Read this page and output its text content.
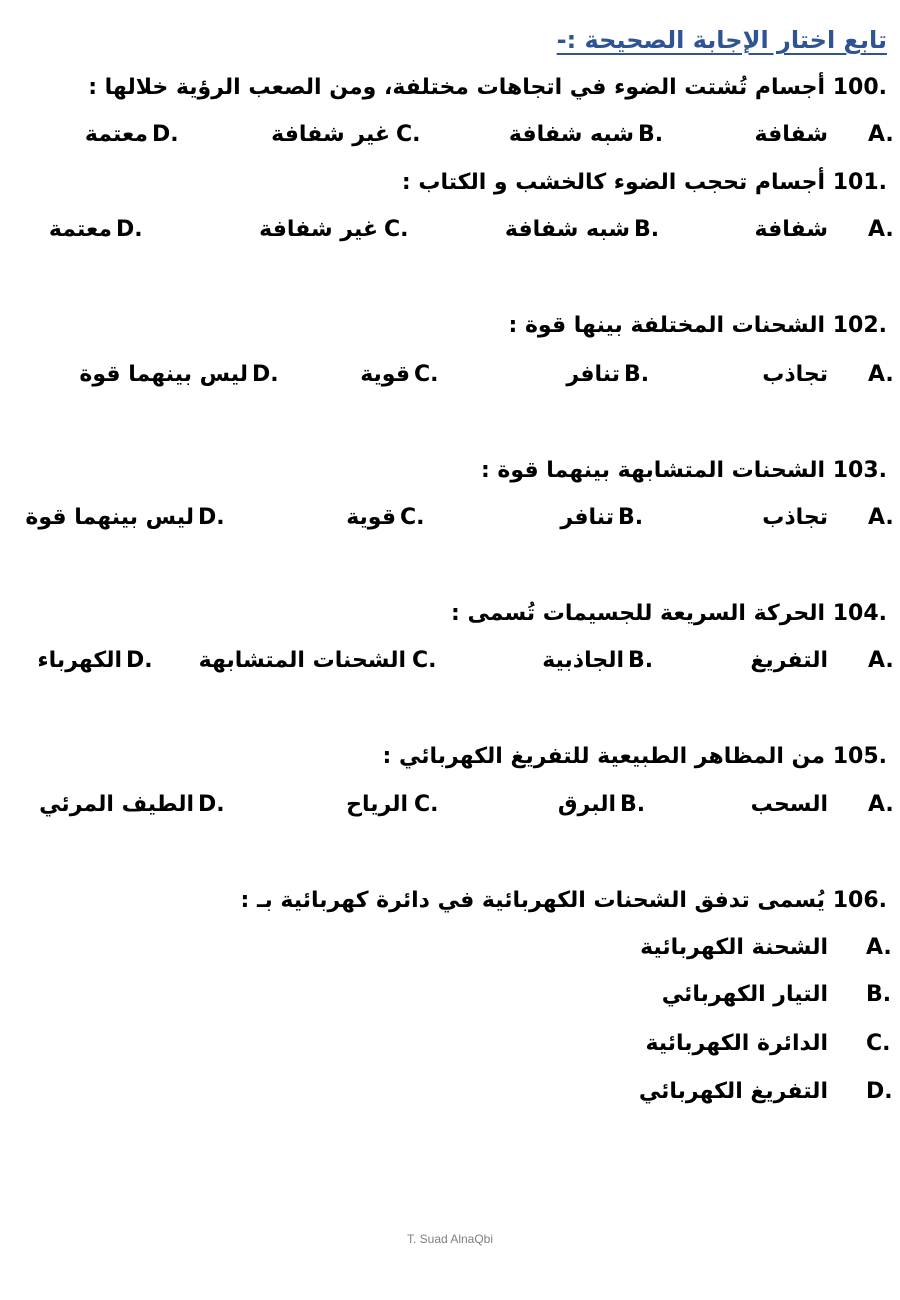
تابع اختار الإجابة الصحيحة :-
100. أجسام تُشتت الضوء في اتجاهات مختلفة، ومن الصعب الرؤية خلالها :
A.
شفافة
B.
شبه شفافة
C.
غير شفافة
D.
معتمة
101. أجسام تحجب الضوء كالخشب و الكتاب :
A.
شفافة
B.
شبه شفافة
C.
غير شفافة
D.
معتمة
102. الشحنات المختلفة بينها قوة :
A.
تجاذب
B.
تنافر
C.
قوية
D.
ليس بينهما قوة
103. الشحنات المتشابهة بينهما قوة :
A.
تجاذب
B.
تنافر
C.
قوية
D.
ليس بينهما قوة
104. الحركة السريعة للجسيمات تُسمى :
A.
التفريغ
B.
الجاذبية
C.
الشحنات المتشابهة
D.
الكهرباء
105. من المظاهر الطبيعية للتفريغ الكهربائي :
A.
السحب
B.
البرق
C.
الرياح
D.
الطيف المرئي
106. يُسمى تدفق الشحنات الكهربائية في دائرة كهربائية بـ :
A.
الشحنة الكهربائية
B.
التيار الكهربائي
C.
الدائرة الكهربائية
D.
التفريغ الكهربائي
T. Suad AlnaQbi
